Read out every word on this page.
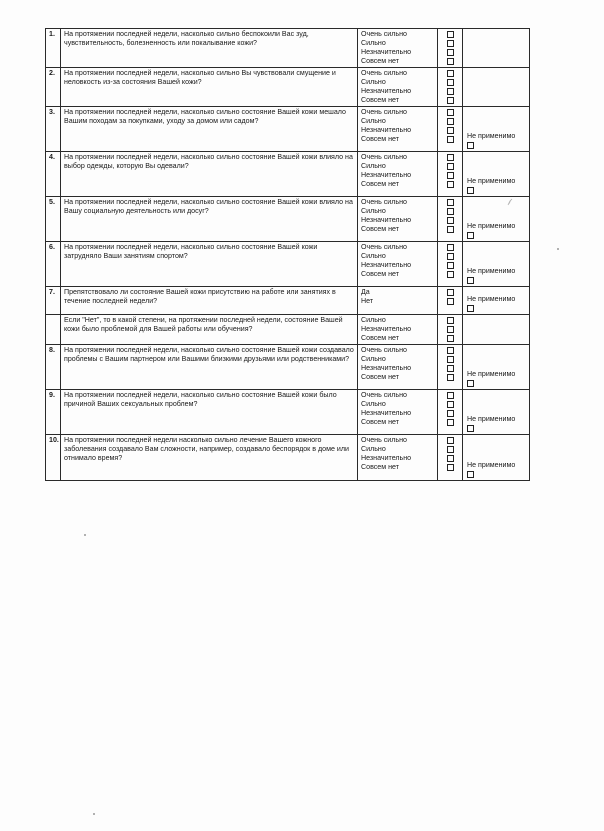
1.	На протяжении последней недели, насколько сильно беспокоили Вас зуд, чувствительность, болезненность или покалывание кожи?	Очень сильно
Сильно
Незначительно
Совсем нет		

2.	На протяжении последней недели, насколько сильно Вы чувствовали смущение и неловкость из-за состояния Вашей кожи?	Очень сильно
Сильно
Незначительно
Совсем нет		

3.	На протяжении последней недели, насколько сильно состояние Вашей кожи мешало Вашим походам за покупками, уходу за домом или садом?	Очень сильно
Сильно
Незначительно
Совсем нет		Не применимо

4.	На протяжении последней недели, насколько сильно состояние Вашей кожи влияло на выбор одежды, которую Вы одевали?	Очень сильно
Сильно
Незначительно
Совсем нет		Не применимо

5.	На протяжении последней недели, насколько сильно состояние Вашей кожи влияло на Вашу социальную деятельность или досуг?	Очень сильно
Сильно
Незначительно
Совсем нет		Не применимо

6.	На протяжении последней недели, насколько сильно состояние Вашей кожи затрудняло Ваши занятиям спортом?	Очень сильно
Сильно
Незначительно
Совсем нет		Не применимо

7.	Препятствовало ли состояние Вашей кожи присутствию на работе или занятиях в течение последней недели?	Да
Нет		Не применимо

	Если "Нет", то в какой степени, на протяжении последней недели, состояние Вашей кожи было проблемой для Вашей работы или обучения?	Сильно
Незначительно
Совсем нет		

8.	На протяжении последней недели, насколько сильно состояние Вашей кожи создавало проблемы с Вашим партнером или Вашими близкими друзьями или родственниками?	Очень сильно
Сильно
Незначительно
Совсем нет		Не применимо

9.	На протяжении последней недели, насколько сильно состояние Вашей кожи было причиной Ваших сексуальных проблем?	Очень сильно
Сильно
Незначительно
Совсем нет		Не применимо

10.	На протяжении последней недели насколько сильно лечение Вашего кожного заболевания создавало Вам сложности, например, создавало беспорядок в доме или отнимало время?	Очень сильно
Сильно
Незначительно
Совсем нет		Не применимо
